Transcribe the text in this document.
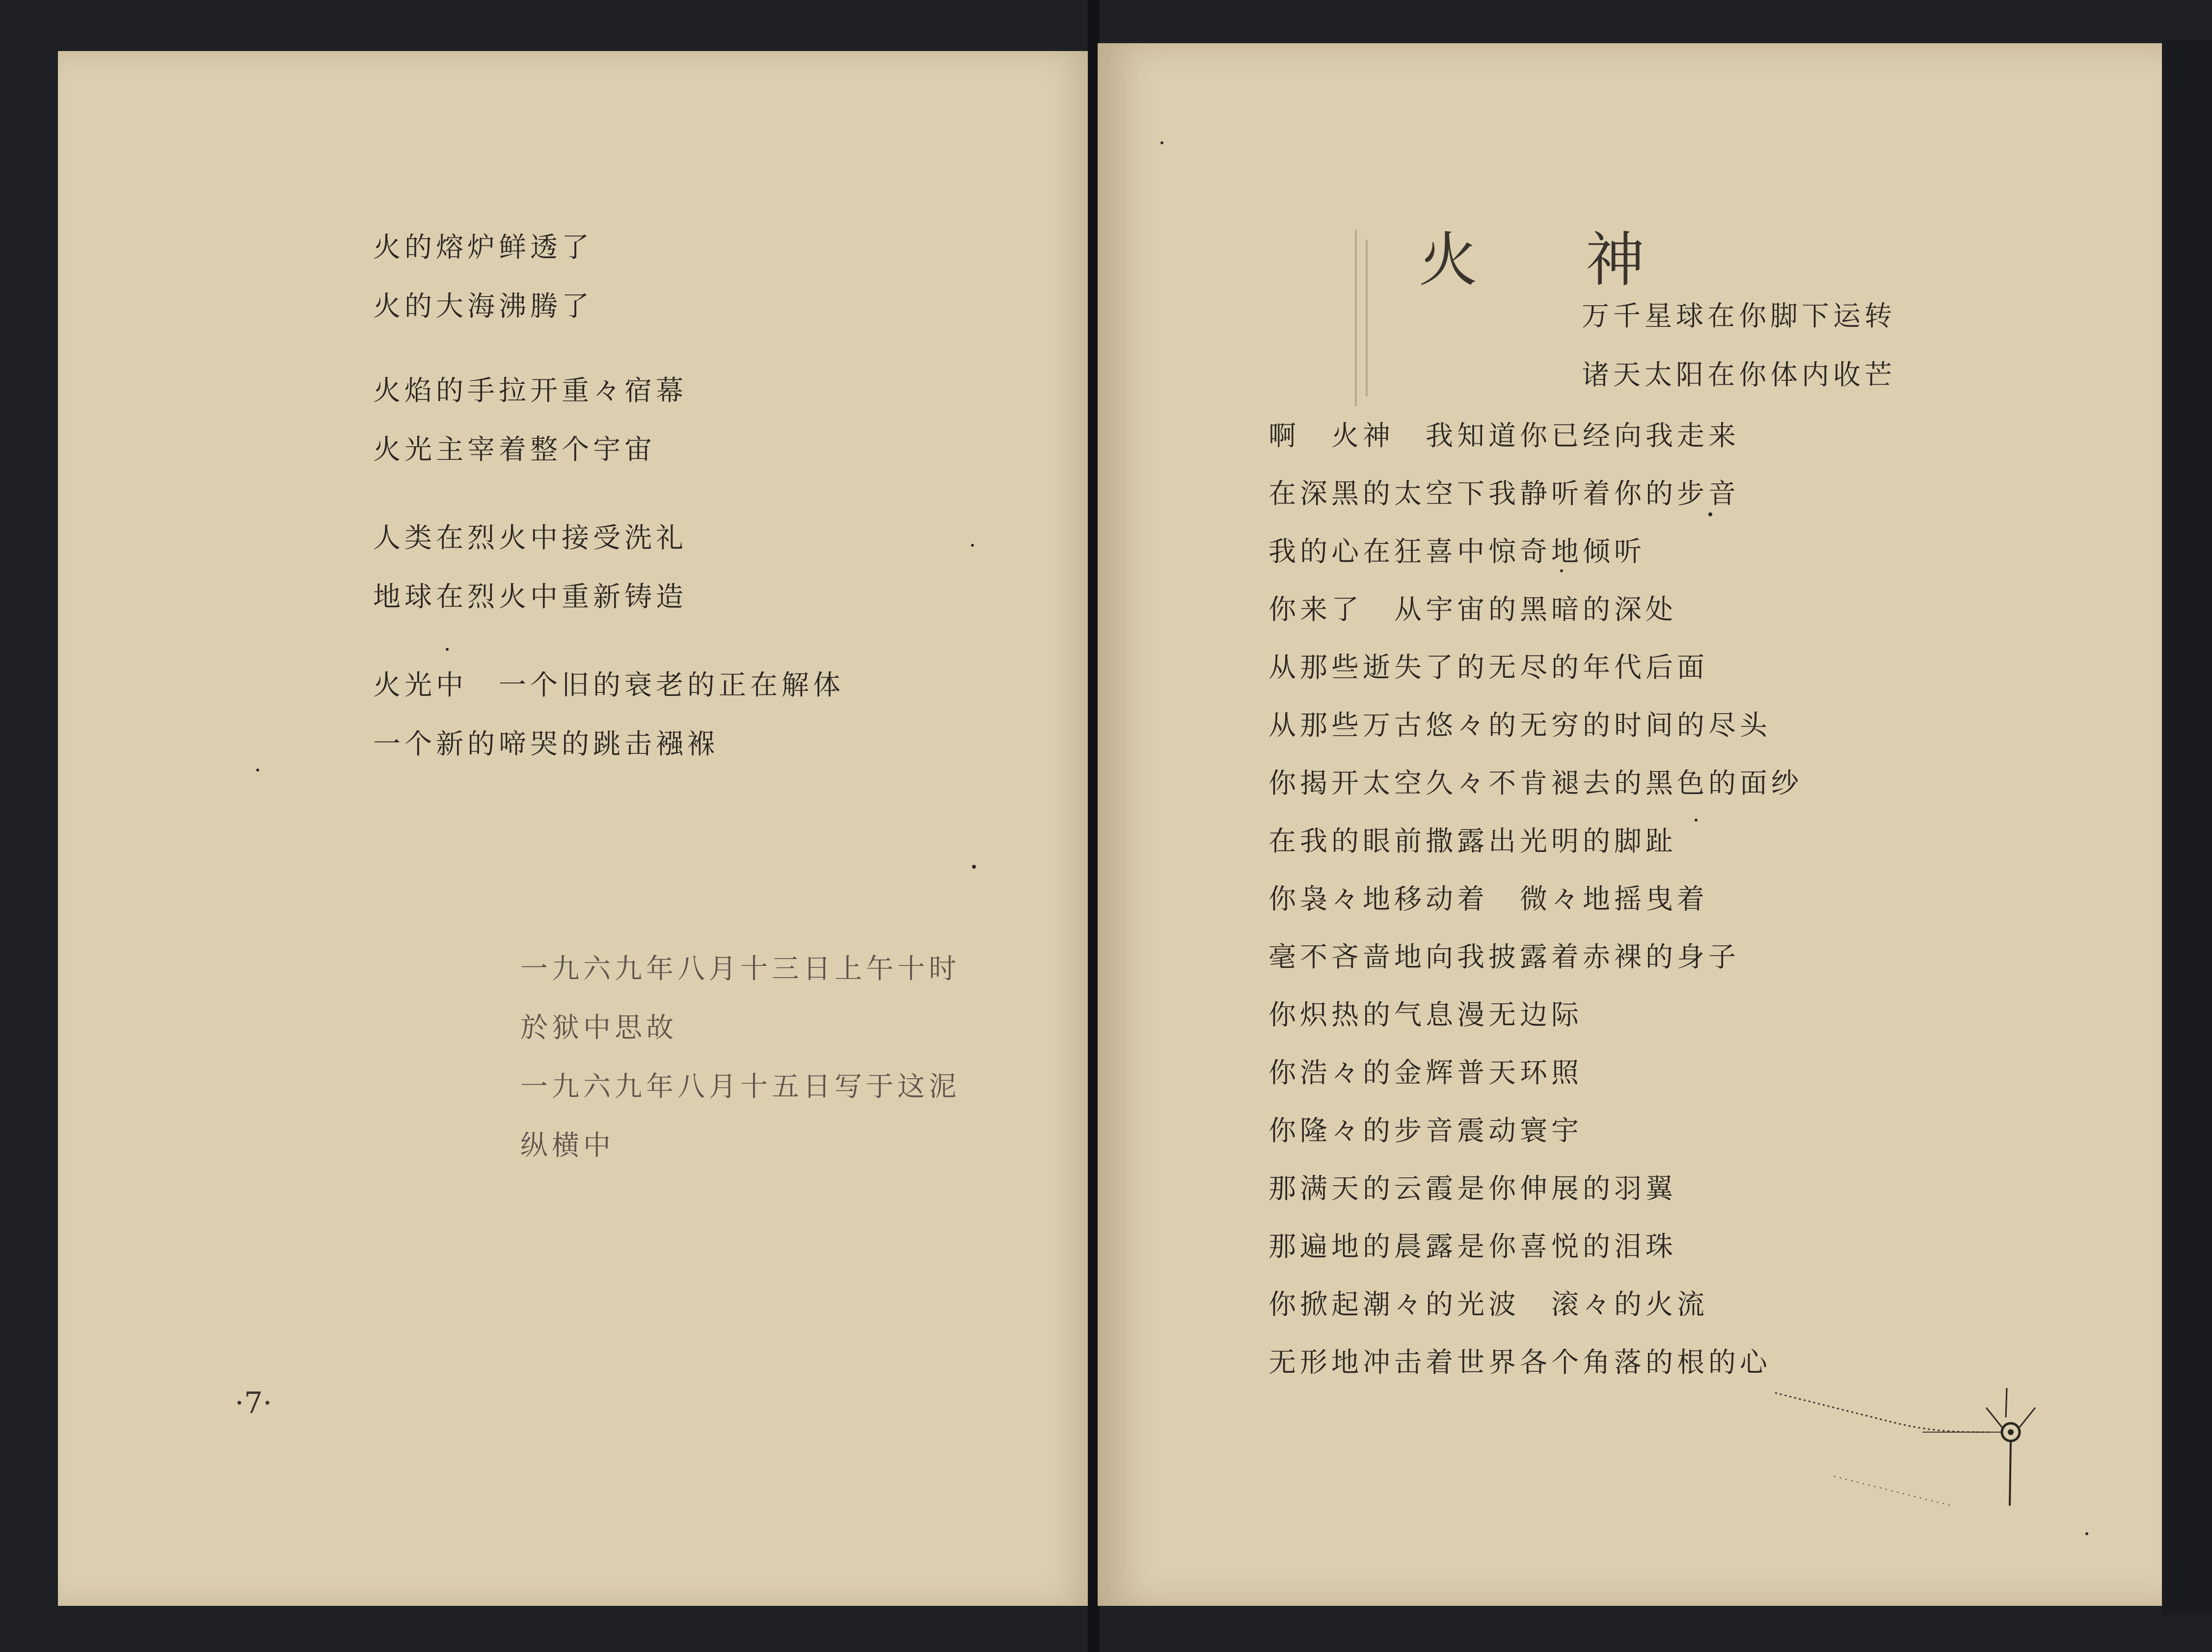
火的熔炉鲜透了
火的大海沸腾了
火焰的手拉开重々宿幕
火光主宰着整个宇宙
人类在烈火中接受洗礼
地球在烈火中重新铸造
火光中　一个旧的衰老的正在解体
一个新的啼哭的跳击襁褓
一九六九年八月十三日上午十时
於狱中思故
一九六九年八月十五日写于这泥
纵横中
·7·
火 神
万千星球在你脚下运转
诸天太阳在你体内收芒
啊　火神　我知道你已经向我走来
在深黑的太空下我静听着你的步音
我的心在狂喜中惊奇地倾听
你来了　从宇宙的黑暗的深处
从那些逝失了的无尽的年代后面
从那些万古悠々的无穷的时间的尽头
你揭开太空久々不肯褪去的黑色的面纱
在我的眼前撒露出光明的脚趾
你袅々地移动着　微々地摇曳着
毫不吝啬地向我披露着赤裸的身子
你炽热的气息漫无边际
你浩々的金辉普天环照
你隆々的步音震动寰宇
那满天的云霞是你伸展的羽翼
那遍地的晨露是你喜悦的泪珠
你掀起潮々的光波　滚々的火流
无形地冲击着世界各个角落的根的心
